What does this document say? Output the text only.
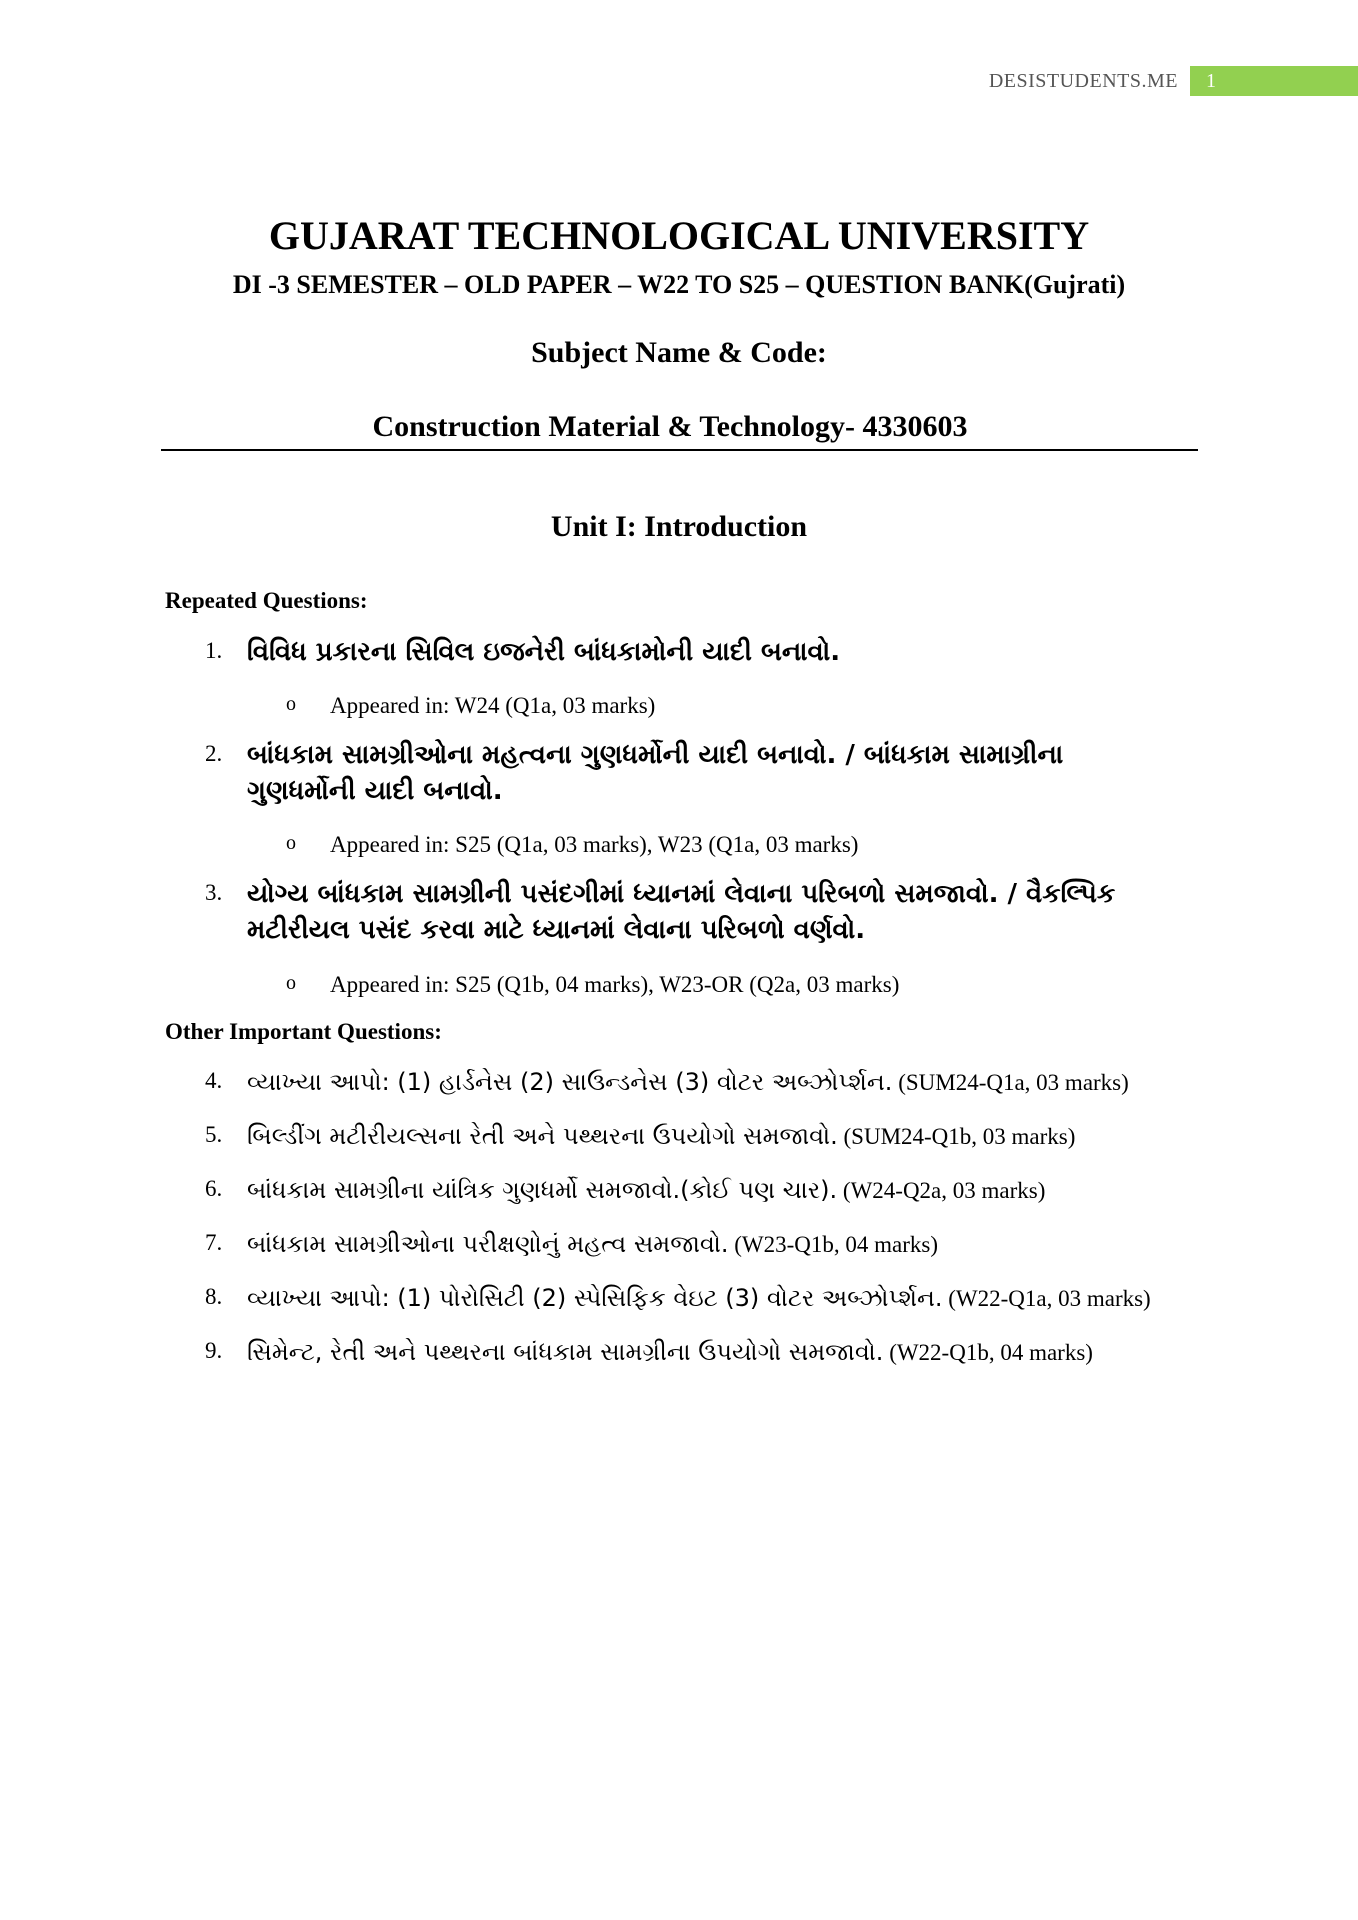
DESISTUDENTS.ME	1
GUJARAT TECHNOLOGICAL UNIVERSITY
DI -3 SEMESTER – OLD PAPER – W22 TO S25 – QUESTION BANK(Gujrati)
Subject Name & Code:
Construction Material & Technology- 4330603
Unit I: Introduction
Repeated Questions:
1. વિવિધ પ્રકારના સિવિલ ઇજનેરી બાંધકામોની યાદી બનાવો.
o Appeared in: W24 (Q1a, 03 marks)
2. બાંધકામ સામગ્રીઓના મહત્વના ગુણધર્મોની યાદી બનાવો. / બાંધકામ સામાગ્રીના ગુણધર્મોની યાદી બનાવો.
o Appeared in: S25 (Q1a, 03 marks), W23 (Q1a, 03 marks)
3. યોગ્ય બાંધકામ સામગ્રીની પસંદગીમાં ધ્યાનમાં લેવાના પરિબળો સમજાવો. / વૈકલ્પિક મટીરીયલ પસંદ કરવા માટે ધ્યાનમાં લેવાના પરિબળો વર્ણવો.
o Appeared in: S25 (Q1b, 04 marks), W23-OR (Q2a, 03 marks)
Other Important Questions:
4.	વ્યાખ્યા આપો: (1) હાર્ડનેસ (2) સાઉન્ડનેસ (3) વોટર અબ્ઝોર્પ્શન. (SUM24-Q1a, 03 marks)
5.	બિલ્ડીંગ મટીરીયલ્સના રેતી અને પથ્થરના ઉપયોગો સમજાવો. (SUM24-Q1b, 03 marks)
6.	બાંધકામ સામગ્રીના યાંત્રિક ગુણધર્મો સમજાવો.(કોઈ પણ ચાર). (W24-Q2a, 03 marks)
7.	બાંધકામ સામગ્રીઓના પરીક્ષણોનું મહત્વ સમજાવો. (W23-Q1b, 04 marks)
8.	વ્યાખ્યા આપો: (1) પોરોસિટી (2) સ્પેસિફિક વેઇટ (3) વોટર અબ્ઝોર્પ્શન. (W22-Q1a, 03 marks)
9.	સિમેન્ટ, રેતી અને પથ્થરના બાંધકામ સામગ્રીના ઉપયોગો સમજાવો. (W22-Q1b, 04 marks)
